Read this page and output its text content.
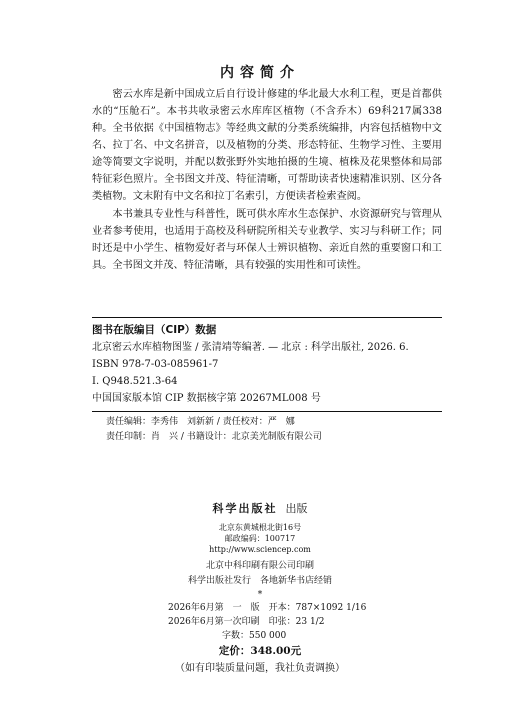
内容简介

密云水库是新中国成立后自行设计修建的华北最大水利工程，更是首都供水的“压舱石”。本书共收录密云水库库区植物（不含乔木）69科217属338种。全书依据《中国植物志》等经典文献的分类系统编排，内容包括植物中文名、拉丁名、中文名拼音，以及植物的分类、形态特征、生物学习性、主要用途等简要文字说明，并配以数张野外实地拍摄的生境、植株及花果整体和局部特征彩色照片。全书图文并茂、特征清晰，可帮助读者快速精准识别、区分各类植物。文末附有中文名和拉丁名索引，方便读者检索查阅。

本书兼具专业性与科普性，既可供水库水生态保护、水资源研究与管理从业者参考使用，也适用于高校及科研院所相关专业教学、实习与科研工作；同时还是中小学生、植物爱好者与环保人士辨识植物、亲近自然的重要窗口和工具。全书图文并茂、特征清晰，具有较强的实用性和可读性。

图书在版编目（CIP）数据
北京密云水库植物图鉴 / 张清靖等编著. — 北京 : 科学出版社, 2026. 6.
ISBN 978-7-03-085961-7
Ⅰ. Q948.521.3-64
中国国家版本馆 CIP 数据核字第 20267ML008 号
责任编辑：李秀伟　刘新新 / 责任校对：严　娜
责任印制：肖　兴 / 书籍设计：北京美光制版有限公司
科学出版社 出版
北京东黄城根北街16号
邮政编码：100717
http://www.sciencep.com
北京中科印刷有限公司印刷
科学出版社发行　各地新华书店经销
*
2026年6月第　一　版　开本：787×1092 1/16
2026年6月第一次印刷　印张：23 1/2
字数：550 000
定价：348.00元
（如有印装质量问题，我社负责调换）
